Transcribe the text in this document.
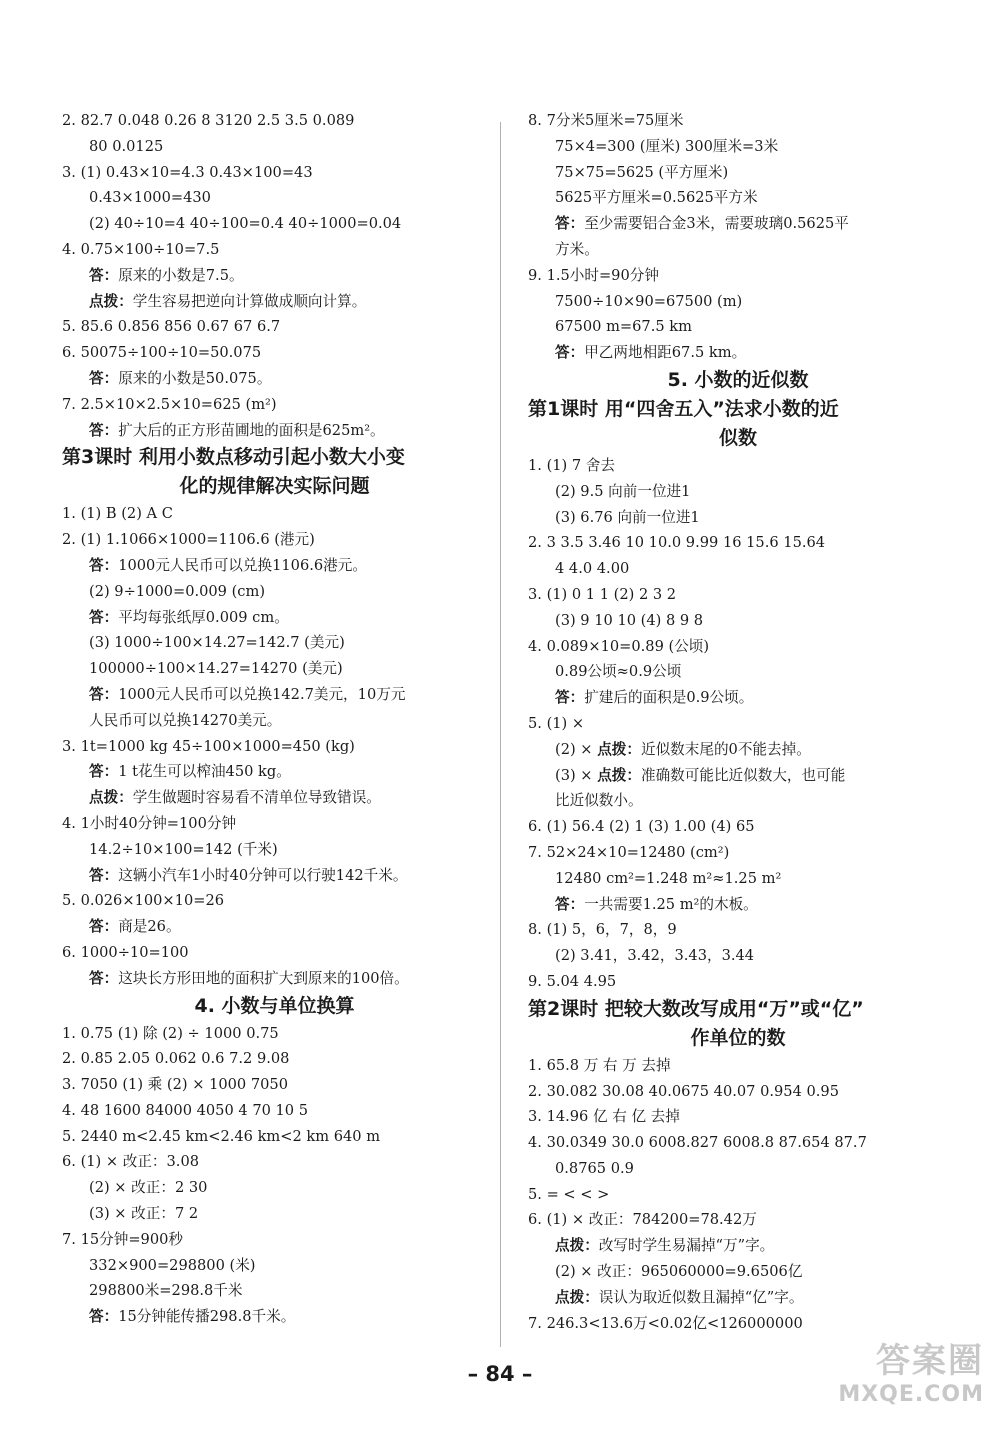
2. 82.7 0.048 0.26 8 3120 2.5 3.5 0.089
80 0.0125
3. (1) 0.43×10=4.3 0.43×100=43
0.43×1000=430
(2) 40÷10=4 40÷100=0.4 40÷1000=0.04
4. 0.75×100÷10=7.5
答：原来的小数是7.5。
点拨：学生容易把逆向计算做成顺向计算。
5. 85.6 0.856 856 0.67 67 6.7
6. 50075÷100÷10=50.075
答：原来的小数是50.075。
7. 2.5×10×2.5×10=625 (m²)
答：扩大后的正方形苗圃地的面积是625m²。
第3课时 利用小数点移动引起小数大小变
化的规律解决实际问题
1. (1) B (2) A C
2. (1) 1.1066×1000=1106.6 (港元)
答：1000元人民币可以兑换1106.6港元。
(2) 9÷1000=0.009 (cm)
答：平均每张纸厚0.009 cm。
(3) 1000÷100×14.27=142.7 (美元)
100000÷100×14.27=14270 (美元)
答：1000元人民币可以兑换142.7美元，10万元
人民币可以兑换14270美元。
3. 1t=1000 kg 45÷100×1000=450 (kg)
答：1 t花生可以榨油450 kg。
点拨：学生做题时容易看不清单位导致错误。
4. 1小时40分钟=100分钟
14.2÷10×100=142 (千米)
答：这辆小汽车1小时40分钟可以行驶142千米。
5. 0.026×100×10=26
答：商是26。
6. 1000÷10=100
答：这块长方形田地的面积扩大到原来的100倍。
4. 小数与单位换算
1. 0.75 (1) 除 (2) ÷ 1000 0.75
2. 0.85 2.05 0.062 0.6 7.2 9.08
3. 7050 (1) 乘 (2) × 1000 7050
4. 48 1600 84000 4050 4 70 10 5
5. 2440 m<2.45 km<2.46 km<2 km 640 m
6. (1) × 改正：3.08
(2) × 改正：2 30
(3) × 改正：7 2
7. 15分钟=900秒
332×900=298800 (米)
298800米=298.8千米
答：15分钟能传播298.8千米。
8. 7分米5厘米=75厘米
75×4=300 (厘米) 300厘米=3米
75×75=5625 (平方厘米)
5625平方厘米=0.5625平方米
答：至少需要铝合金3米，需要玻璃0.5625平
方米。
9. 1.5小时=90分钟
7500÷10×90=67500 (m)
67500 m=67.5 km
答：甲乙两地相距67.5 km。
5. 小数的近似数
第1课时 用“四舍五入”法求小数的近
似数
1. (1) 7 舍去
(2) 9.5 向前一位进1
(3) 6.76 向前一位进1
2. 3 3.5 3.46 10 10.0 9.99 16 15.6 15.64
4 4.0 4.00
3. (1) 0 1 1 (2) 2 3 2
(3) 9 10 10 (4) 8 9 8
4. 0.089×10=0.89 (公顷)
0.89公顷≈0.9公顷
答：扩建后的面积是0.9公顷。
5. (1) ×
(2) × 点拨：近似数末尾的0不能去掉。
(3) × 点拨：准确数可能比近似数大，也可能
比近似数小。
6. (1) 56.4 (2) 1 (3) 1.00 (4) 65
7. 52×24×10=12480 (cm²)
12480 cm²=1.248 m²≈1.25 m²
答：一共需要1.25 m²的木板。
8. (1) 5，6，7，8，9
(2) 3.41，3.42，3.43，3.44
9. 5.04 4.95
第2课时 把较大数改写成用“万”或“亿”
作单位的数
1. 65.8 万 右 万 去掉
2. 30.082 30.08 40.0675 40.07 0.954 0.95
3. 14.96 亿 右 亿 去掉
4. 30.0349 30.0 6008.827 6008.8 87.654 87.7
0.8765 0.9
5. = < < >
6. (1) × 改正：784200=78.42万
点拨：改写时学生易漏掉“万”字。
(2) × 改正：965060000=9.6506亿
点拨：误认为取近似数且漏掉“亿”字。
7. 246.3<13.6万<0.02亿<126000000
– 84 –	答案圈
MXQE.COM
